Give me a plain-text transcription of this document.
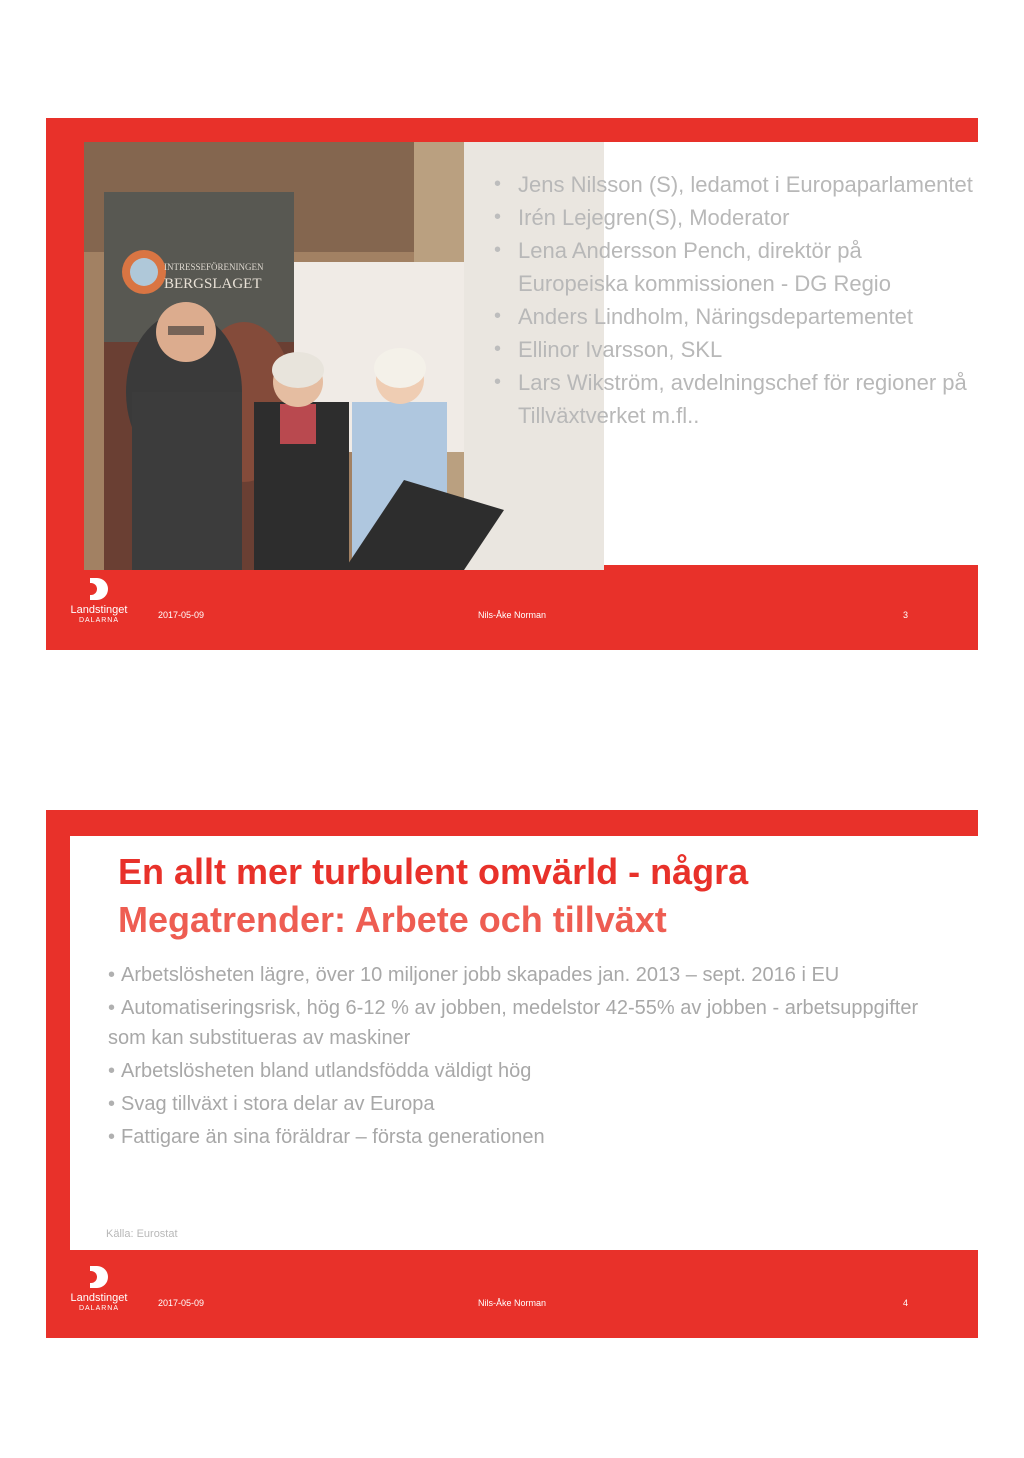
INTRESSEFÖRENINGEN
BERGSLAGET
• Jens Nilsson (S), ledamot i Europaparlamentet
• Irén Lejegren(S), Moderator
• Lena Andersson Pench, direktör på Europeiska kommissionen - DG Regio
• Anders Lindholm, Näringsdepartementet
• Ellinor Ivarsson, SKL
• Lars Wikström, avdelningschef för regioner på Tillväxtverket m.fl..
Landstinget
DALARNA
2017-05-09	Nils-Åke Norman	3
En allt mer turbulent omvärld - några
Megatrender: Arbete och tillväxt
• Arbetslösheten lägre, över 10 miljoner jobb skapades jan. 2013 – sept. 2016 i EU
• Automatiseringsrisk, hög 6-12 % av jobben, medelstor 42-55% av jobben - arbetsuppgifter som kan substitueras av maskiner
• Arbetslösheten bland utlandsfödda väldigt hög
• Svag tillväxt i stora delar av Europa
• Fattigare än sina föräldrar – första generationen
Källa: Eurostat
Landstinget
DALARNA
2017-05-09	Nils-Åke Norman	4
